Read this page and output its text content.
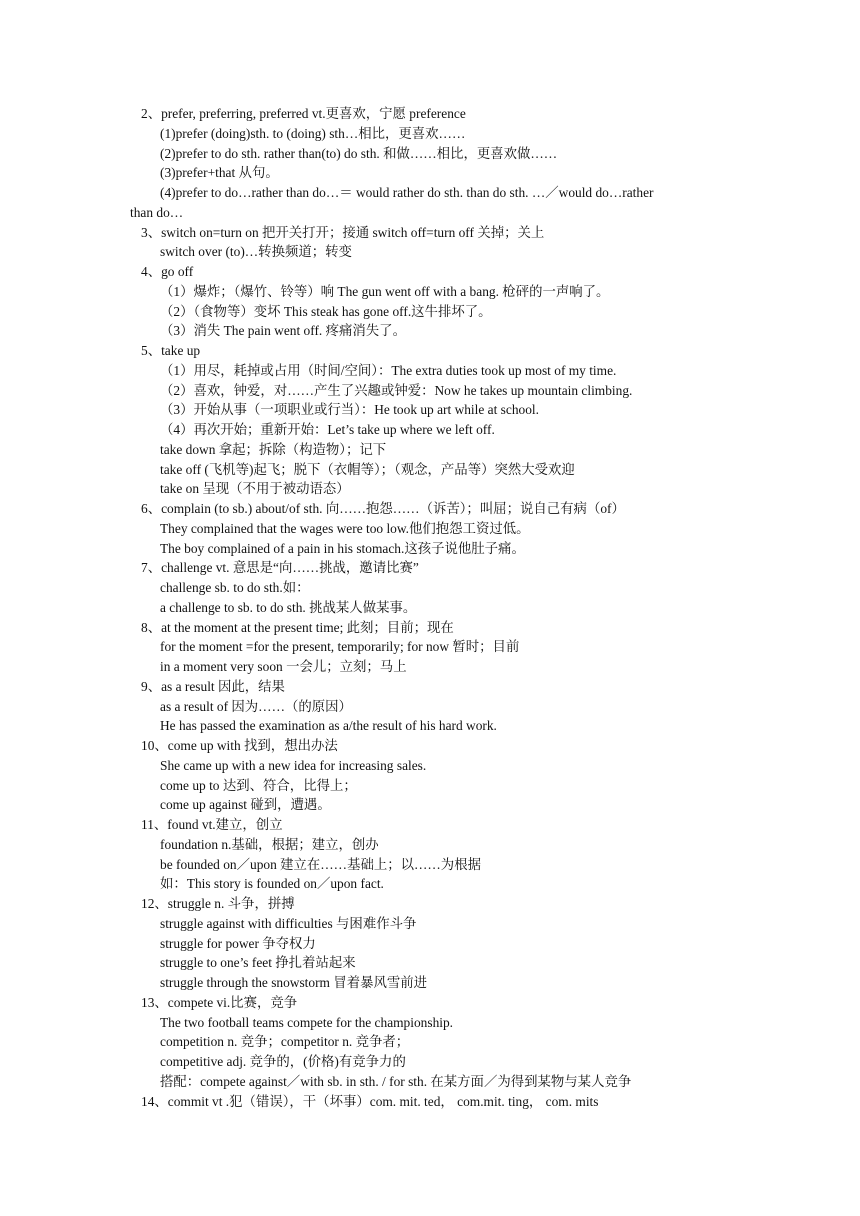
2、prefer, preferring, preferred vt.更喜欢，宁愿 preference
(1)prefer (doing)sth. to (doing) sth…相比，更喜欢……
(2)prefer to do sth. rather than(to) do sth. 和做……相比，更喜欢做……
(3)prefer+that 从句。
(4)prefer to do…rather than do…＝ would rather do sth. than do sth. …／would do…rather
than do…
3、switch on=turn on 把开关打开；接通 switch off=turn off 关掉；关上
switch over (to)…转换频道；转变
4、go off
（1）爆炸；（爆竹、铃等）响 The gun went off with a bang. 枪砰的一声响了。
（2）（食物等）变坏 This steak has gone off.这牛排坏了。
（3）消失 The pain went off. 疼痛消失了。
5、take up
（1）用尽，耗掉或占用（时间/空间）：The extra duties took up most of my time.
（2）喜欢，钟爱，对……产生了兴趣或钟爱：Now he takes up mountain climbing.
（3）开始从事（一项职业或行当）：He took up art while at school.
（4）再次开始；重新开始：Let’s take up where we left off.
take down 拿起；拆除（构造物）；记下
take off (飞机等)起飞；脱下（衣帽等）；（观念，产品等）突然大受欢迎
take on 呈现（不用于被动语态）
6、complain (to sb.) about/of sth. 向……抱怨……（诉苦）；叫屈；说自己有病（of）
They complained that the wages were too low.他们抱怨工资过低。
The boy complained of a pain in his stomach.这孩子说他肚子痛。
7、challenge vt. 意思是“向……挑战，邀请比赛”
challenge sb. to do sth.如：
a challenge to sb. to do sth. 挑战某人做某事。
8、at the moment at the present time; 此刻；目前；现在
for the moment =for the present, temporarily; for now 暂时；目前
in a moment very soon 一会儿；立刻；马上
9、as a result 因此，结果
as a result of 因为……（的原因）
He has passed the examination as a/the result of his hard work.
10、come up with 找到，想出办法
She came up with a new idea for increasing sales.
come up to 达到、符合，比得上；
come up against 碰到，遭遇。
11、found vt.建立，创立
foundation n.基础，根据；建立，创办
be founded on／upon 建立在……基础上；以……为根据
如：This story is founded on／upon fact.
12、struggle n. 斗争，拼搏
struggle against with difficulties 与困难作斗争
struggle for power 争夺权力
struggle to one’s feet 挣扎着站起来
struggle through the snowstorm 冒着暴风雪前进
13、compete vi.比赛，竞争
The two football teams compete for the championship.
competition n. 竞争；competitor n. 竞争者；
competitive adj. 竞争的，(价格)有竞争力的
搭配：compete against／with sb. in sth. / for sth. 在某方面／为得到某物与某人竞争
14、commit vt .犯（错误），干（坏事）com. mit. ted， com.mit. ting， com. mits
